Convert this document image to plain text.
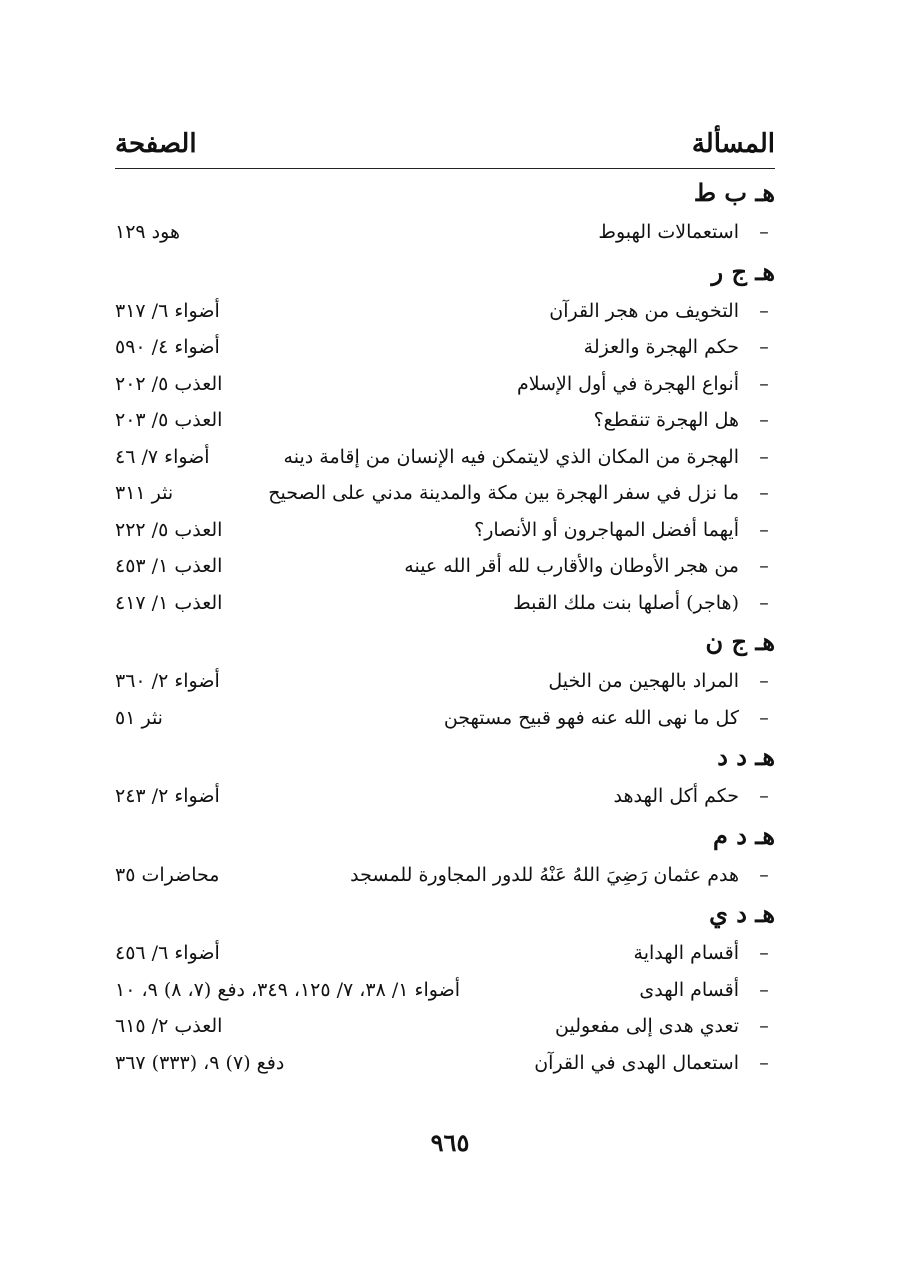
الصفحة	المسألة
هـ ب ط
–
استعمالات الهبوط
هود ١٢٩
هـ ج ر
–
التخويف من هجر القرآن
أضواء ٦/ ٣١٧
–
حكم الهجرة والعزلة
أضواء ٤/ ٥٩٠
–
أنواع الهجرة في أول الإسلام
العذب ٥/ ٢٠٢
–
هل الهجرة تنقطع؟
العذب ٥/ ٢٠٣
–
الهجرة من المكان الذي لايتمكن فيه الإنسان من إقامة دينه
أضواء ٧/ ٤٦
–
ما نزل في سفر الهجرة بين مكة والمدينة مدني على الصحيح
نثر ٣١١
–
أيهما أفضل المهاجرون أو الأنصار؟
العذب ٥/ ٢٢٢
–
من هجر الأوطان والأقارب لله أقر الله عينه
العذب ١/ ٤٥٣
–
(هاجر) أصلها بنت ملك القبط
العذب ١/ ٤١٧
هـ ج ن
–
المراد بالهجين من الخيل
أضواء ٢/ ٣٦٠
–
كل ما نهى الله عنه فهو قبيح مستهجن
نثر ٥١
هـ د د
–
حكم أكل الهدهد
أضواء ٢/ ٢٤٣
هـ د م
–
هدم عثمان رَضِيَ اللهُ عَنْهُ للدور المجاورة للمسجد
محاضرات ٣٥
هـ د ي
–
أقسام الهداية
أضواء ٦/ ٤٥٦
–
أقسام الهدى
أضواء ١/ ٣٨، ٧/ ١٢٥، ٣٤٩، دفع (٧، ٨) ٩، ١٠
–
تعدي هدى إلى مفعولين
العذب ٢/ ٦١٥
–
استعمال الهدى في القرآن
دفع (٧) ٩، (٣٣٣) ٣٦٧
٩٦٥
